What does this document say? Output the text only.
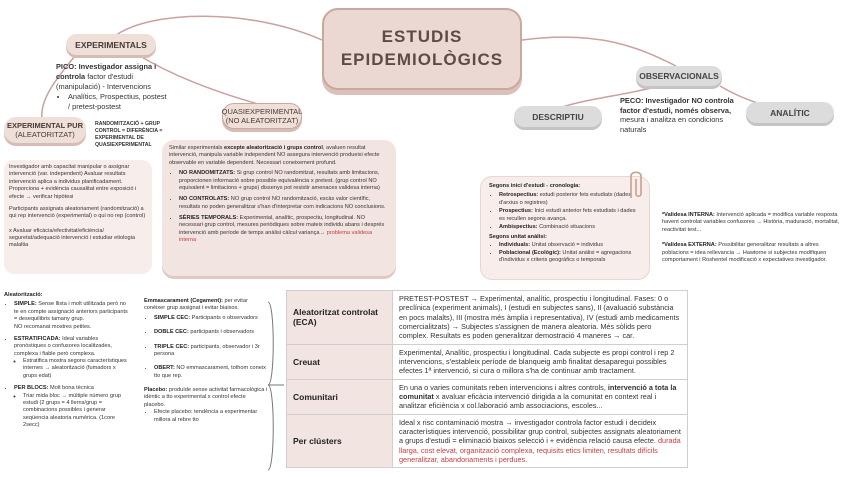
ESTUDIS
EPIDEMIOLÒGICS
EXPERIMENTALS
PICO: Investigador assigna i controla factor d'estudi (manipulació) - Intervencions
• Analítics, Prospectius, postest / pretest-postest
EXPERIMENTAL PUR
(ALEATORITZAT)
RANDOMITZACIÓ + GRUP CONTROL = DIFERÈNCIA = EXPERIMENTAL DE QUASIEXPERIMENTAL
Investigador amb capacitat manipular o assignar intervenció (var. independent) Avaluar resultats intervenció aplica a individus planificadament. Proporciona + evidència causalitat entre exposició i efecte → verificar hipòtesi
Participants assignats aleatoriament (randomització) a qui rep intervenció (experimental) o qui no rep (control)
x Avaluar eficàcia/efectivitat/eficiència/ seguretat/adequació intervenció i estudiar etiologia malaltia
QUASIEXPERIMENTAL
(NO ALEATORITZAT)
Similar experimentals excepte aleatorització i grups control, avaluen resultat intervenció, manipula variable independent NO assegura intervenció produeixi efecte observable en variable dependent. Necessari coneixement profund.
• NO RANDOMITZATS: Si grup control NO randomitzat, resultats amb limitacions, proporcionen informació sobre possible equivalència x pretest. (grup control NO equivalent = limitacions + grups) dissenys pot resistir amenaces validesa interna)
• NO CONTROLATS: NO grup control NO randomització, escàs valor científic, resultats no poden generalitzar s'han d'interpretar com indicacions NO conclusions.
• SÈRIES TEMPORALS: Experimental, analític, prospectiu, longitudinal. NO necessari grup control, mesures periòdiques sobre mateix individu abans i després intervenció amb període de temps anàlisi càlcul variança→ problema validesa interna
OBSERVACIONALS
PECO: Investigador NO controla factor d'estudi, només observa, mesura i analitza en condicions naturals
DESCRIPTIU	ANALÍTIC
Segons inici d'estudi - cronologia:
• Retrospectius: estudi posterior fets estudiats (dades d'arxius o registres)
• Prospectius: Inici estudi anterior fets estudiats i dades es recullen segons avança.
• Ambispectius: Combinació situacions
Segons unitat anàlisi:
• Individuals: Unitat observació = individus
• Poblacional (Ecològic): Unitat anàlisi = agregacions d'individus x criteris geogràfics o temporals
*Validesa INTERNA: Intervenció aplicada = modifica variable resposta havent controlat variables confusores → Història, maduració, mortalitat, reactivitat test...
*Validesa EXTERNA: Possibilitar generalitzar resultats a altres poblacions = idea rellevancia → Hawtorne si subjectes modifiquen comportament i Roshentel modificació x expectatives investigador.
Aleatorització:
• SIMPLE: Sense llista i molt utilitzada però no te en compte assignació anteriors participants = desequilibris tamany grup.
NO recomanat mostres petites.
• ESTRATIFICADA: Ideal variables pronòstiques o confusores localitzades, complexa i fiable però complexa.
◦ Estratifica mostra segons característiques internes → aleatorització (fumadors x grups edat)
• PER BLOCS: Molt bona tècnica
◦ Triar mida bloc → múltiple número grup estudi (2 grups = 4 llerns/grup = combinacions possibles i generar seqüencia aleatoria numèrica. (1core 2secc)
Emmascarament (Cegament): per evitar conèixer grup assignat i evitar biaixos.
• SIMPLE CEC: Participants o observadors
• DOBLE CEC: participants i observadors
• TRIPLE CEC: participants, observador i 3r persona
• OBERT: NO emmascarament, tothom coneix tto que rep.
Placebo: produïde sense activitat farmacològica i idèntic a tto experimental x control efecte placebo.
• Efecte placebo: tendència a experimentar millora al rebre tto
Aleatoritzat controlat (ECA)	PRETEST-POSTEST → Experimental, analític, prospectiu i longitudinal. Fases: 0 o preclínica (experiment animals), I (estudi en subjectes sans), II (avaluació substància en pocs malalts), III (mostra més àmplia i representativa), IV (estudi amb medicaments comercialitzats) → Subjectes s'assignen de manera aleatoria. Més sòlids pero complex. Resultats es poden generalitzar demostració 4 maneres → car.
Creuat	Experimental, Analític, prospectiu i longitudinal. Cada subjecte es propi control i rep 2 intervencions, s'estableix període de blanqueig amb finalitat desaparegui possibles efectes 1ª intervenció, si cura o millora s'ha de continuar amb tractament.
Comunitari	En una o varies comunitats reben intervencions i altres controls, intervenció a tota la comunitat x avaluar eficàcia intervenció dirigida a la comunitat en context real i analitzar eficiència x col.laboració amb associacions, escoles...
Per clústers	Ideal x risc contaminació mostra → investigador controla factor estudi i decideix característiques intervenció, possibilitar grup control, subjectes assignats aleatoriament a grups d'estudi = eliminació biaixos selecció i + evidència relació causa efecte. durada llarga, cost elevat, organització complexa, requisits etics limiten, resultats difícils generalitzar, abandonaments i perdues.
